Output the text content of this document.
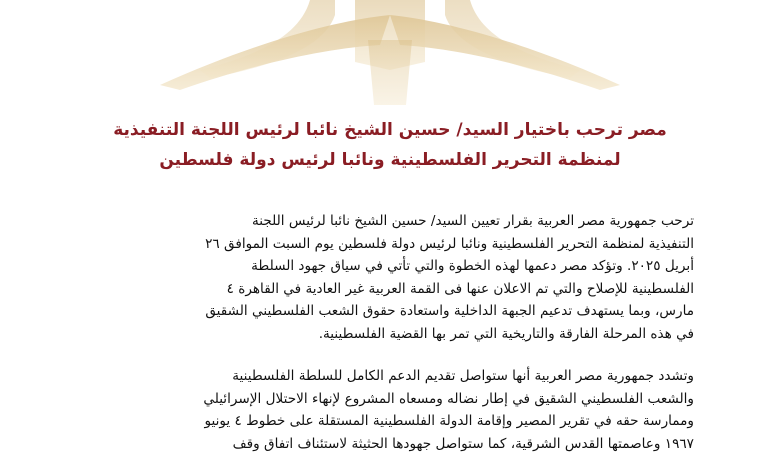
مصر ترحب باختيار السيد/ حسين الشيخ نائبا لرئيس اللجنة التنفيذية
لمنظمة التحرير الفلسطينية ونائبا لرئيس دولة فلسطين
ترحب جمهورية مصر العربية بقرار تعيين السيد/ حسين الشيخ نائبا لرئيس اللجنة
التنفيذية لمنظمة التحرير الفلسطينية ونائبا لرئيس دولة فلسطين يوم السبت الموافق ٢٦
أبريل ٢٠٢٥. وتؤكد مصر دعمها لهذه الخطوة والتي تأتي في سياق جهود السلطة
الفلسطينية للإصلاح والتي تم الاعلان عنها فى القمة العربية غير العادية في القاهرة ٤
مارس، وبما يستهدف تدعيم الجبهة الداخلية واستعادة حقوق الشعب الفلسطيني الشقيق
في هذه المرحلة الفارقة والتاريخية التي تمر بها القضية الفلسطينية.
وتشدد جمهورية مصر العربية أنها ستواصل تقديم الدعم الكامل للسلطة الفلسطينية
والشعب الفلسطيني الشقيق في إطار نضاله ومسعاه المشروع لإنهاء الاحتلال الإسرائيلي
وممارسة حقه في تقرير المصير وإقامة الدولة الفلسطينية المستقلة على خطوط ٤ يونيو
١٩٦٧ وعاصمتها القدس الشرقية، كما ستواصل جهودها الحثيثة لاستئناف اتفاق وقف
